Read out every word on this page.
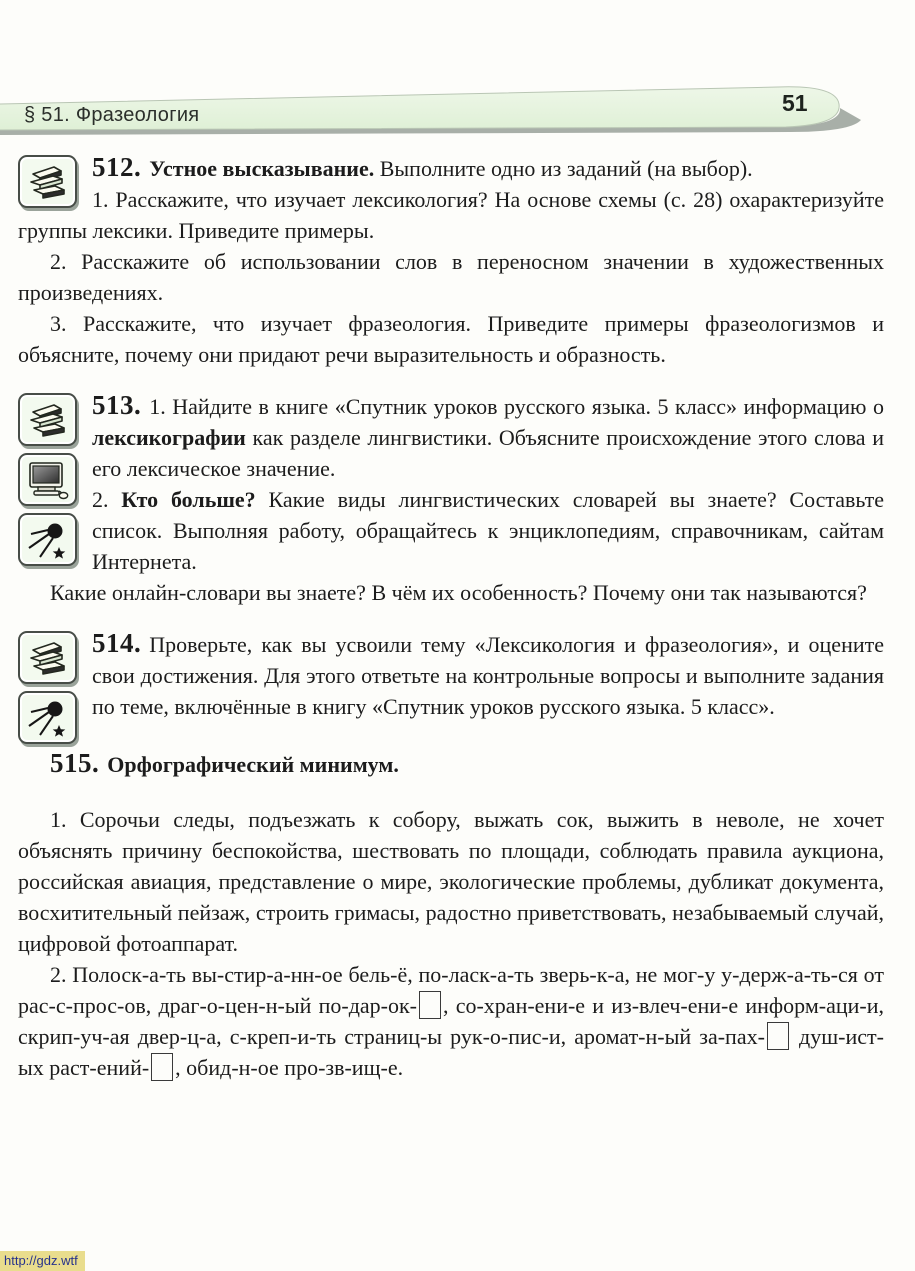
§ 51. Фразеология	51

512. Устное высказывание. Выполните одно из заданий (на выбор).

1. Расскажите, что изучает лексикология? На основе схемы (с. 28) охарактеризуйте группы лексики. Приведите примеры.

2. Расскажите об использовании слов в переносном значении в художественных произведениях.

3. Расскажите, что изучает фразеология. Приведите примеры фразеологизмов и объясните, почему они придают речи выразительность и образность.

513. 1. Найдите в книге «Спутник уроков русского языка. 5 класс» информацию о лексикографии как разделе лингвистики. Объясните происхождение этого слова и его лексическое значение.

2. Кто больше? Какие виды лингвистических словарей вы знаете? Составьте список. Выполняя работу, обращайтесь к энциклопедиям, справочникам, сайтам Интернета.

Какие онлайн-словари вы знаете? В чём их особенность? Почему они так называются?

514. Проверьте, как вы усвоили тему «Лексикология и фразеология», и оцените свои достижения. Для этого ответьте на контрольные вопросы и выполните задания по теме, включённые в книгу «Спутник уроков русского языка. 5 класс».

515. Орфографический минимум.

1. Сорочьи следы, подъезжать к собору, выжать сок, выжить в неволе, не хочет объяснять причину беспокойства, шествовать по площади, соблюдать правила аукциона, российская авиация, представление о мире, экологические проблемы, дубликат документа, восхитительный пейзаж, строить гримасы, радостно приветствовать, незабываемый случай, цифровой фотоаппарат.

2. Полоск-а-ть вы-стир-а-нн-ое бель-ё, по-ласк-а-ть зверь-к-а, не мог-у у-держ-а-ть-ся от рас-с-прос-ов, драг-о-цен-н-ый по-дар-ок- , со-хран-ени-е и из-влеч-ени-е информ-аци-и, скрип-уч-ая двер-ц-а, с-креп-и-ть страниц-ы рук-о-пис-и, аромат-н-ый за-пах- душ-ист-ых раст-ений- , обид-н-ое про-зв-ищ-е.

http://gdz.wtf
